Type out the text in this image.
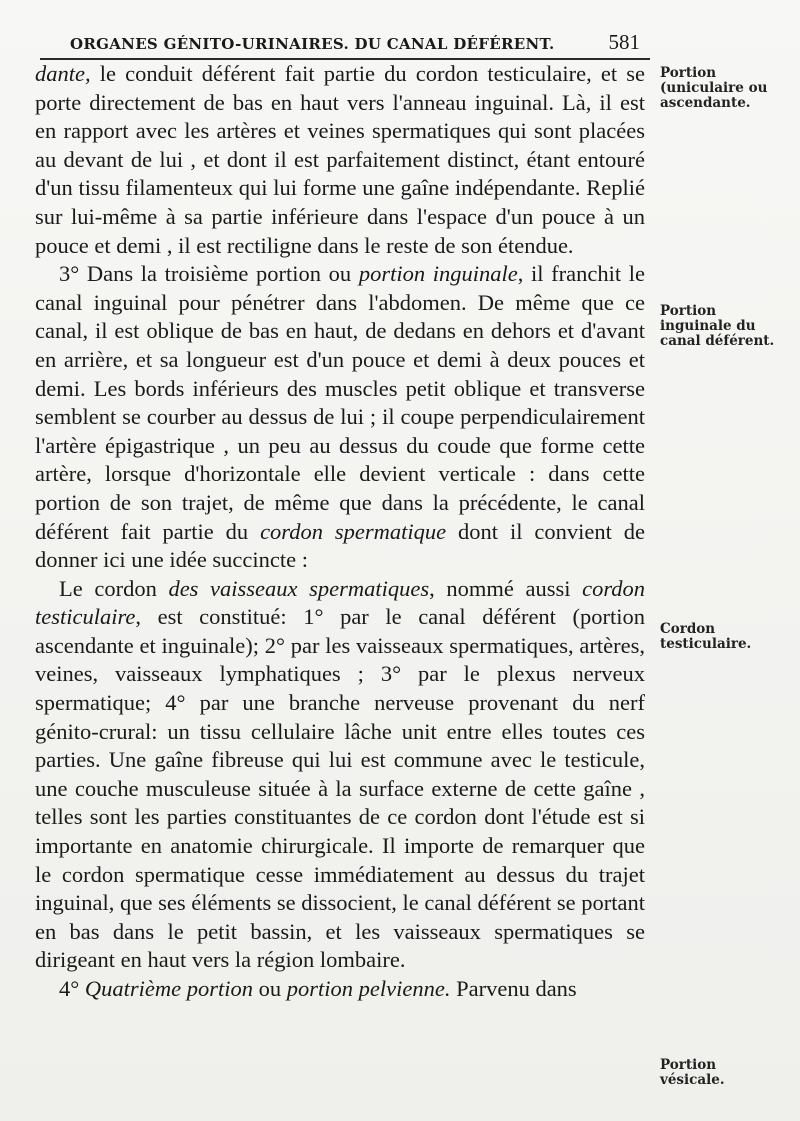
ORGANES GÉNITO-URINAIRES. DU CANAL DÉFÉRENT.	581

dante, le conduit déférent fait partie du cordon testiculaire, et se porte directement de bas en haut vers l'anneau inguinal. Là, il est en rapport avec les artères et veines spermatiques qui sont placées au devant de lui , et dont il est parfaitement distinct, étant entouré d'un tissu filamenteux qui lui forme une gaîne indépendante. Replié sur lui-même à sa partie inférieure dans l'espace d'un pouce à un pouce et demi , il est rectiligne dans le reste de son étendue.

3° Dans la troisième portion ou portion inguinale, il franchit le canal inguinal pour pénétrer dans l'abdomen. De même que ce canal, il est oblique de bas en haut, de dedans en dehors et d'avant en arrière, et sa longueur est d'un pouce et demi à deux pouces et demi. Les bords inférieurs des muscles petit oblique et transverse semblent se courber au dessus de lui ; il coupe perpendiculairement l'artère épigastrique , un peu au dessus du coude que forme cette artère, lorsque d'horizontale elle devient verticale : dans cette portion de son trajet, de même que dans la précédente, le canal déférent fait partie du cordon spermatique dont il convient de donner ici une idée succincte :

Le cordon des vaisseaux spermatiques, nommé aussi cordon testiculaire, est constitué: 1° par le canal déférent (portion ascendante et inguinale); 2° par les vaisseaux spermatiques, artères, veines, vaisseaux lymphatiques ; 3° par le plexus nerveux spermatique; 4° par une branche nerveuse provenant du nerf génito-crural: un tissu cellulaire lâche unit entre elles toutes ces parties. Une gaîne fibreuse qui lui est commune avec le testicule, une couche musculeuse située à la surface externe de cette gaîne , telles sont les parties constituantes de ce cordon dont l'étude est si importante en anatomie chirurgicale. Il importe de remarquer que le cordon spermatique cesse immédiatement au dessus du trajet inguinal, que ses éléments se dissocient, le canal déférent se portant en bas dans le petit bassin, et les vaisseaux spermatiques se dirigeant en haut vers la région lombaire.

4° Quatrième portion ou portion pelvienne. Parvenu dans

Portion (uniculaire ou ascendante.
Portion inguinale du canal déférent.
Cordon testiculaire.
Portion vésicale.
